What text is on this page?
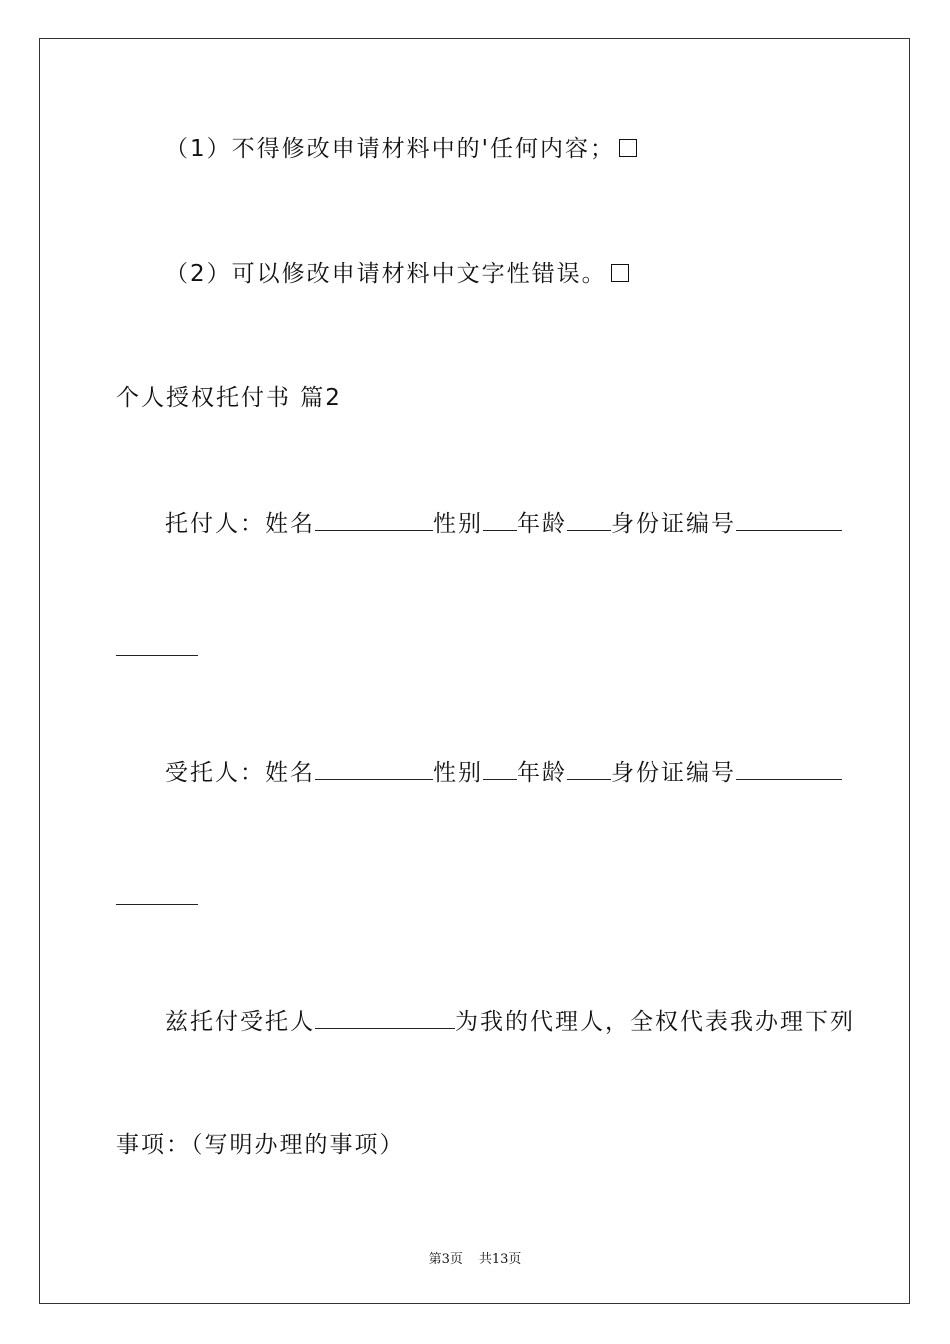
（1）不得修改申请材料中的'任何内容；
（2）可以修改申请材料中文字性错误。
个人授权托付书 篇2
托付人：姓名	性别 年龄 身份证编号
受托人：姓名	性别 年龄 身份证编号
兹托付受托人	为我的代理人，全权代表我办理下列
事项：（写明办理的事项）
第3页 共13页
